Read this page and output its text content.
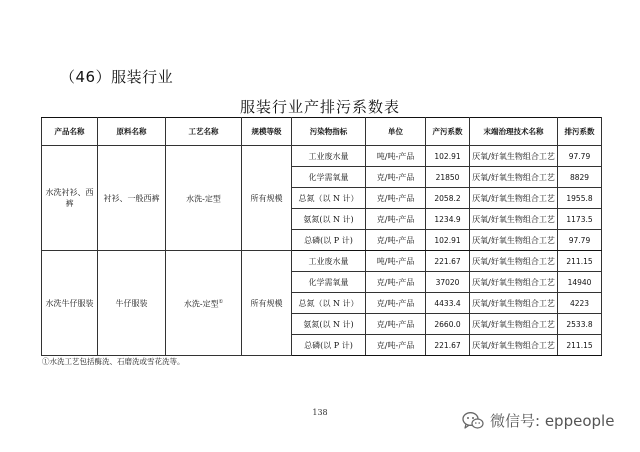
（46）服装行业
服装行业产排污系数表
产品名称	原料名称	工艺名称	规模等级	污染物指标	单位	产污系数	末端治理技术名称	排污系数
水洗衬衫、西裤	衬衫、一般西裤	水洗-定型	所有规模	工业废水量	吨/吨-产品	102.91	厌氧/好氧生物组合工艺	97.79
				化学需氧量	克/吨-产品	21850	厌氧/好氧生物组合工艺	8829
				总氮（以 N 计）	克/吨-产品	2058.2	厌氧/好氧生物组合工艺	1955.8
				氨氮(以 N 计)	克/吨-产品	1234.9	厌氧/好氧生物组合工艺	1173.5
				总磷(以 P 计)	克/吨-产品	102.91	厌氧/好氧生物组合工艺	97.79
水洗牛仔服装	牛仔服装	水洗-定型①	所有规模	工业废水量	吨/吨-产品	221.67	厌氧/好氧生物组合工艺	211.15
				化学需氧量	克/吨-产品	37020	厌氧/好氧生物组合工艺	14940
				总氮（以 N 计）	克/吨-产品	4433.4	厌氧/好氧生物组合工艺	4223
				氨氮(以 N 计)	克/吨-产品	2660.0	厌氧/好氧生物组合工艺	2533.8
				总磷(以 P 计)	克/吨-产品	221.67	厌氧/好氧生物组合工艺	211.15
①水洗工艺包括酶洗、石磨洗或雪花洗等。
138	微信号: eppeople
